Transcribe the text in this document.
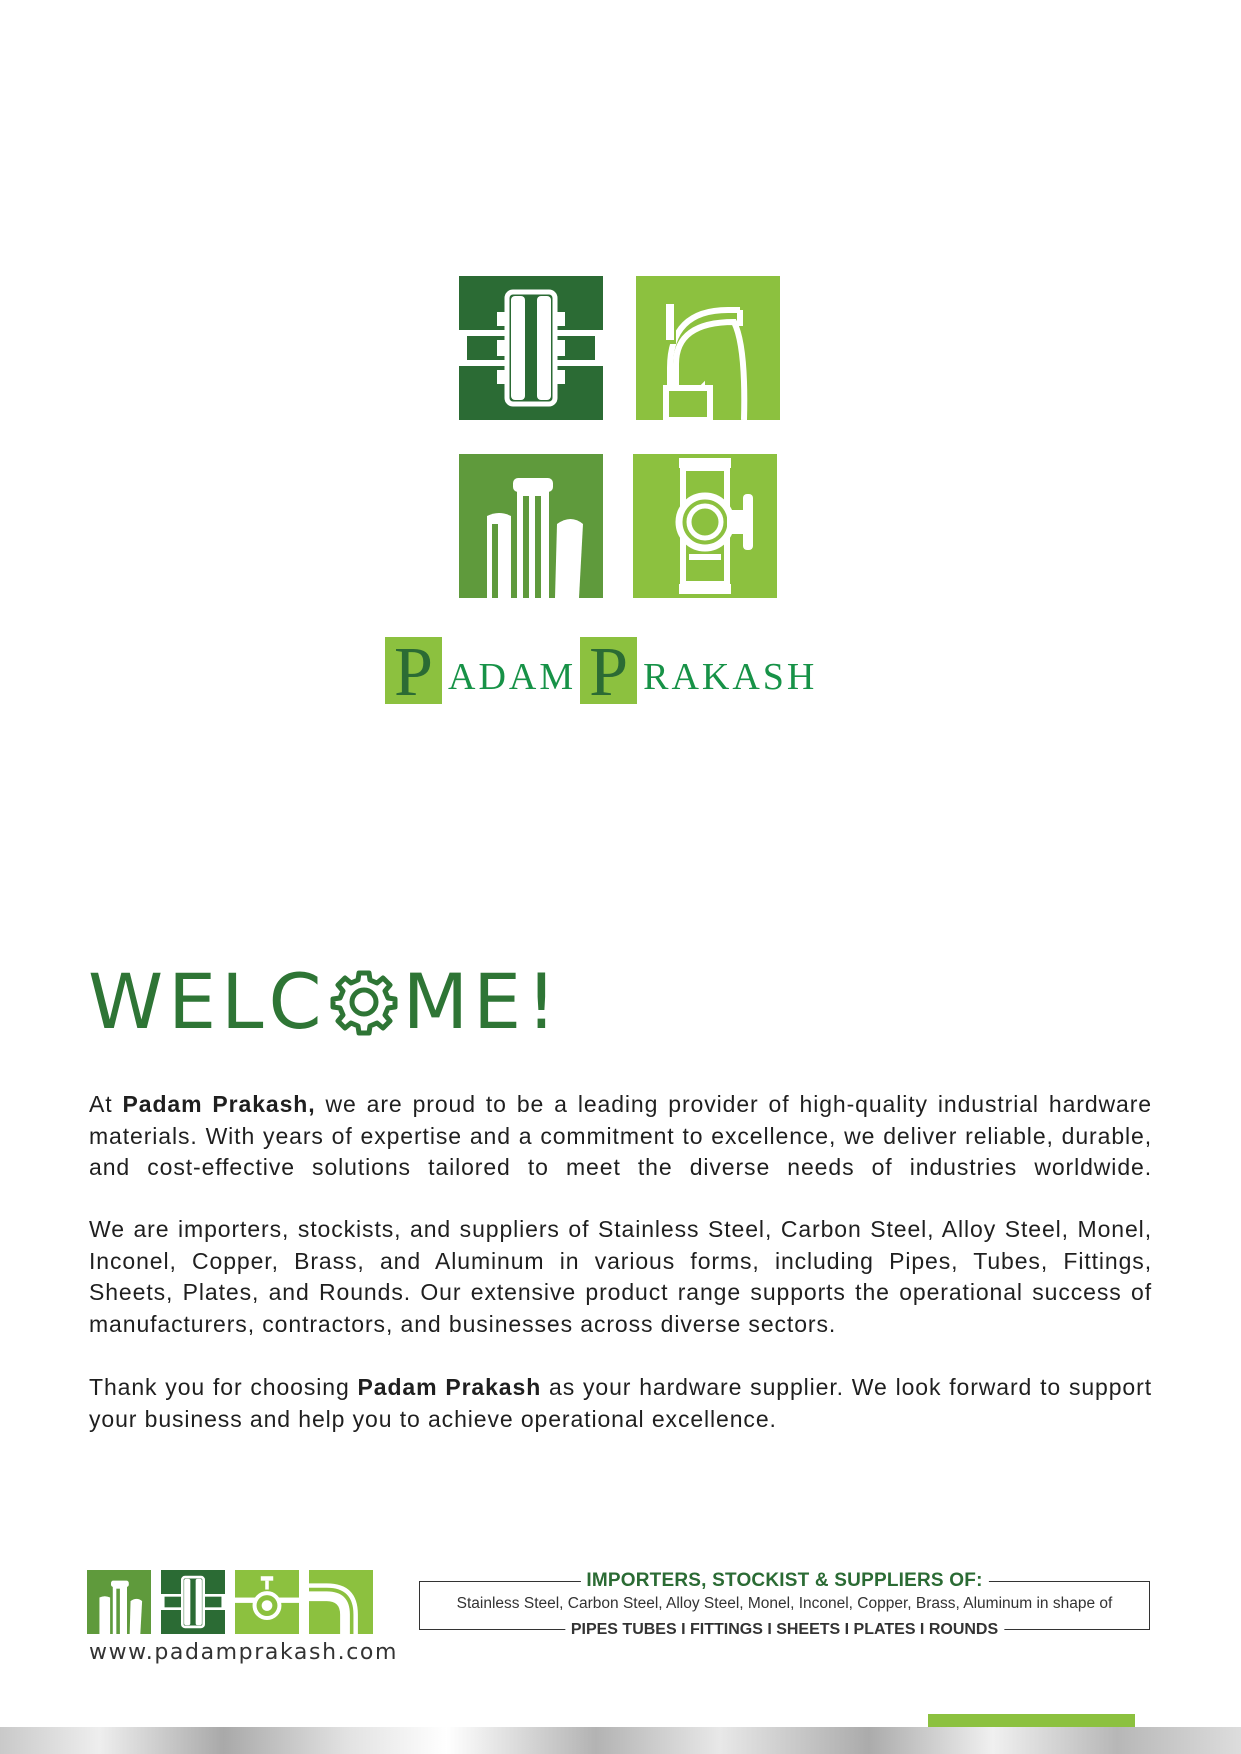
P ADAM P RAKASH
WELC ME!

At Padam Prakash, we are proud to be a leading provider of high-quality industrial hardware materials. With years of expertise and a commitment to excellence, we deliver reliable, durable, and cost-effective solutions tailored to meet the diverse needs of industries worldwide.

We are importers, stockists, and suppliers of Stainless Steel, Carbon Steel, Alloy Steel, Monel, Inconel, Copper, Brass, and Aluminum in various forms, including Pipes, Tubes, Fittings, Sheets, Plates, and Rounds. Our extensive product range supports the operational success of manufacturers, contractors, and businesses across diverse sectors.

Thank you for choosing Padam Prakash as your hardware supplier. We look forward to support your business and help you to achieve operational excellence.

www.padamprakash.com
IMPORTERS, STOCKIST & SUPPLIERS OF:
Stainless Steel, Carbon Steel, Alloy Steel, Monel, Inconel, Copper, Brass, Aluminum in shape of
PIPES TUBES I FITTINGS I SHEETS I PLATES I ROUNDS
